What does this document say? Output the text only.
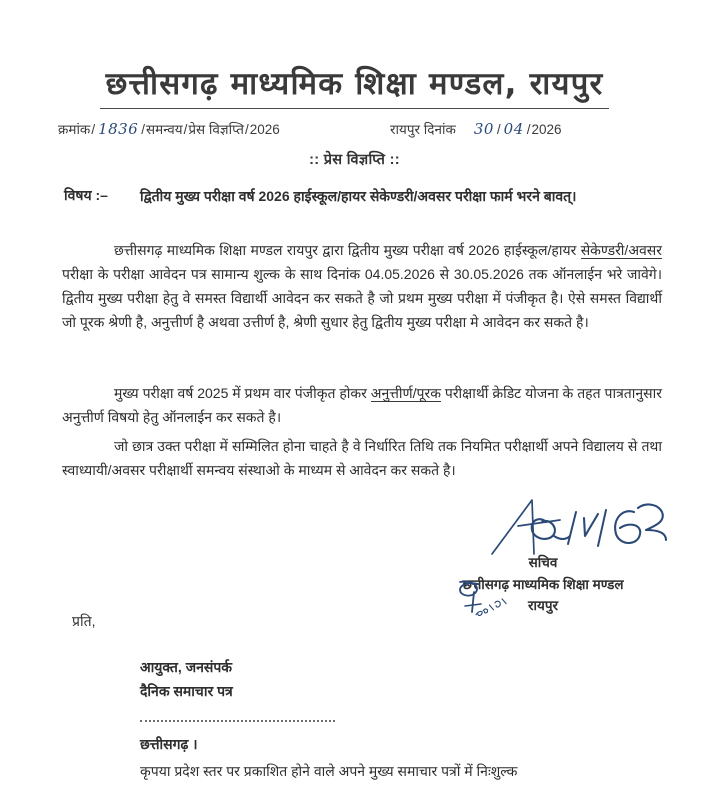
छत्तीसगढ़ माध्यमिक शिक्षा मण्डल, रायपुर
क्रमांक/ 1836 /समन्वय/प्रेस विज्ञप्ति/2026	रायपुर दिनांक 30 / 04 /2026
:: प्रेस विज्ञप्ति ::
विषय :– द्वितीय मुख्य परीक्षा वर्ष 2026 हाईस्कूल/हायर सेकेण्डरी/अवसर परीक्षा फार्म भरने बावत्।

छत्तीसगढ़ माध्यमिक शिक्षा मण्डल रायपुर द्वारा द्वितीय मुख्य परीक्षा वर्ष 2026 हाईस्कूल/हायर सेकेण्डरी/अवसर परीक्षा के परीक्षा आवेदन पत्र सामान्य शुल्क के साथ दिनांक 04.05.2026 से 30.05.2026 तक ऑनलाईन भरे जावेगे। द्वितीय मुख्य परीक्षा हेतु वे समस्त विद्यार्थी आवेदन कर सकते है जो प्रथम मुख्य परीक्षा में पंजीकृत है। ऐसे समस्त विद्यार्थी जो पूरक श्रेणी है, अनुत्तीर्ण है अथवा उत्तीर्ण है, श्रेणी सुधार हेतु द्वितीय मुख्य परीक्षा मे आवेदन कर सकते है।

मुख्य परीक्षा वर्ष 2025 में प्रथम वार पंजीकृत होकर अनुत्तीर्ण/पूरक परीक्षार्थी क्रेडिट योजना के तहत पात्रतानुसार अनुत्तीर्ण विषयो हेतु ऑनलाईन कर सकते है।

जो छात्र उक्त परीक्षा में सम्मिलित होना चाहते है वे निर्धारित तिथि तक नियमित परीक्षार्थी अपने विद्यालय से तथा स्वाध्यायी/अवसर परीक्षार्थी समन्वय संस्थाओ के माध्यम से आवेदन कर सकते है।

सचिव
छत्तीसगढ़ माध्यमिक शिक्षा मण्डल
रायपुर
प्रति,
आयुक्त, जनसंपर्क
दैनिक समाचार पत्र
छत्तीसगढ़ ।
कृपया प्रदेश स्तर पर प्रकाशित होने वाले अपने मुख्य समाचार पत्रों में निःशुल्क
